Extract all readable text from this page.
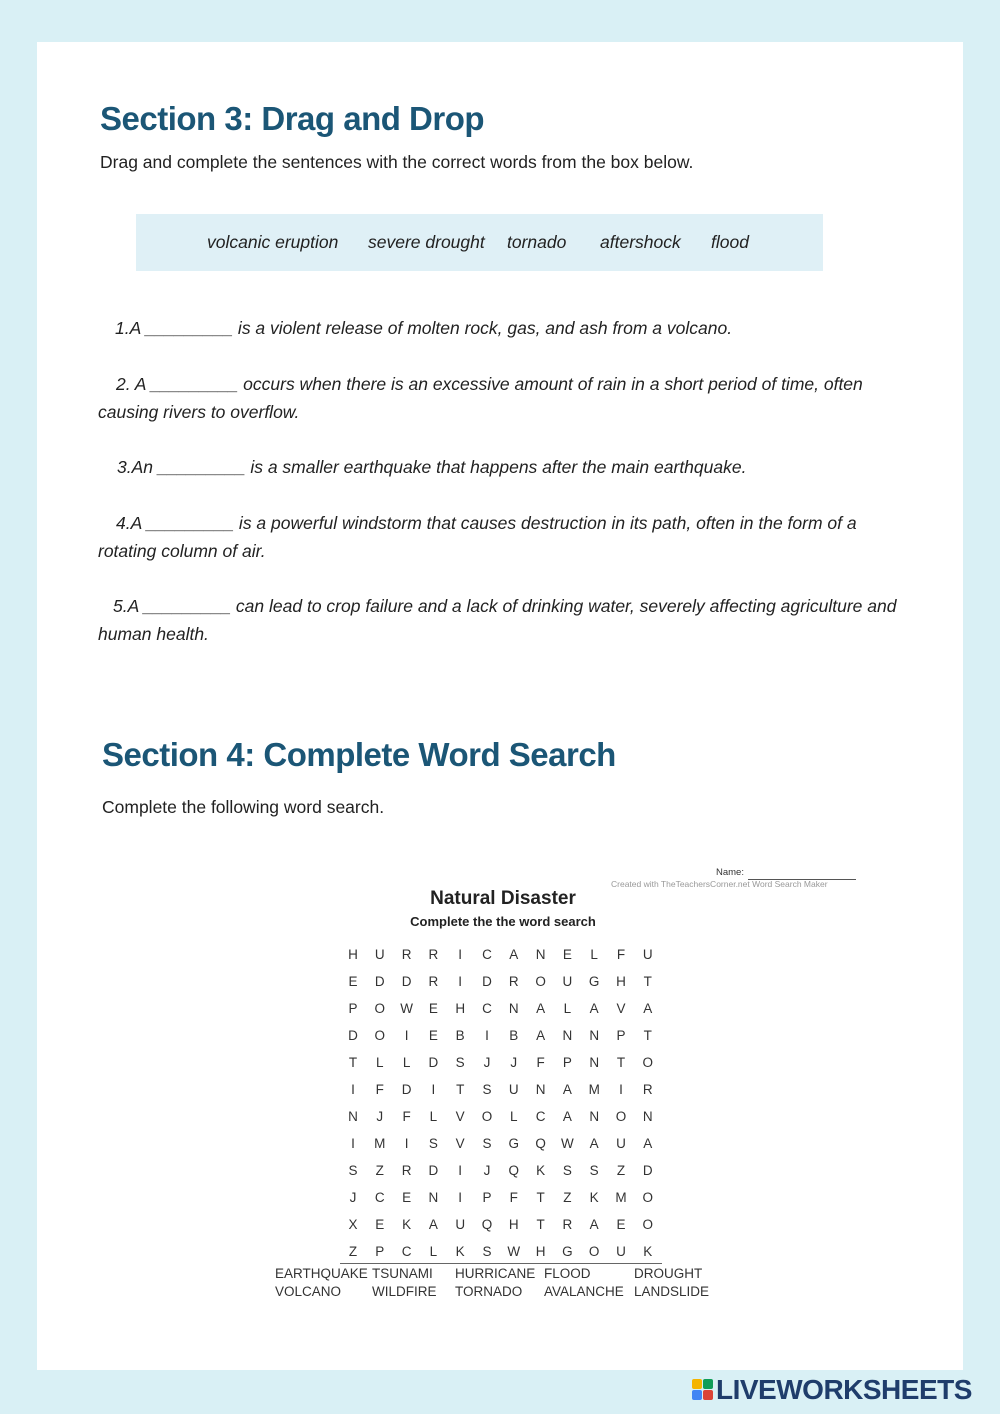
Section 3: Drag and Drop

Drag and complete the sentences with the correct words from the box below.

volcanic eruption severe drought tornado aftershock flood

1.A _________ is a violent release of molten rock, gas, and ash from a volcano.

2. A _________ occurs when there is an excessive amount of rain in a short period of time, often causing rivers to overflow.

3.An _________ is a smaller earthquake that happens after the main earthquake.

4.A _________ is a powerful windstorm that causes destruction in its path, often in the form of a rotating column of air.

5.A _________ can lead to crop failure and a lack of drinking water, severely affecting agriculture and human health.

Section 4: Complete Word Search

Complete the following word search.

Name:
Created with TheTeachersCorner.net Word Search Maker
Natural Disaster
Complete the the word search
H	U	R	R	I	C	A	N	E	L	F	U
E	D	D	R	I	D	R	O	U	G	H	T
P	O	W	E	H	C	N	A	L	A	V	A
D	O	I	E	B	I	B	A	N	N	P	T
T	L	L	D	S	J	J	F	P	N	T	O
I	F	D	I	T	S	U	N	A	M	I	R
N	J	F	L	V	O	L	C	A	N	O	N
I	M	I	S	V	S	G	Q	W	A	U	A
S	Z	R	D	I	J	Q	K	S	S	Z	D
J	C	E	N	I	P	F	T	Z	K	M	O
X	E	K	A	U	Q	H	T	R	A	E	O
Z	P	C	L	K	S	W	H	G	O	U	K
EARTHQUAKE TSUNAMI HURRICANE FLOOD	DROUGHT
VOLCANO WILDFIRE TORNADO AVALANCHE LANDSLIDE
LIVEWORKSHEETS
